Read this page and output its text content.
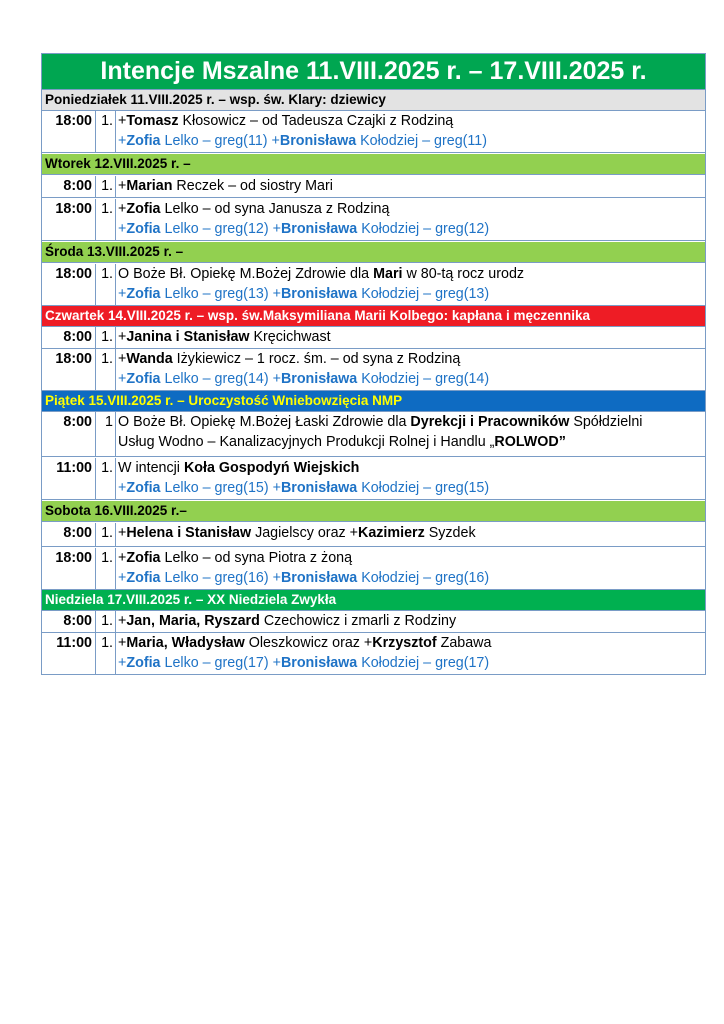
Intencje Mszalne 11.VIII.2025 r. – 17.VIII.2025 r.
Poniedziałek 11.VIII.2025 r. – wsp. św. Klary: dziewicy
18:00 1. +Tomasz Kłosowicz – od Tadeusza Czajki z Rodziną
+Zofia Lelko – greg(11) +Bronisława Kołodziej – greg(11)
Wtorek 12.VIII.2025 r. –
8:00 1. +Marian Reczek – od siostry Mari
18:00 1. +Zofia Lelko – od syna Janusza z Rodziną
+Zofia Lelko – greg(12) +Bronisława Kołodziej – greg(12)
Środa 13.VIII.2025 r. –
18:00 1. O Boże Bł. Opiekę M.Bożej Zdrowie dla Mari w 80-tą rocz urodz
+Zofia Lelko – greg(13) +Bronisława Kołodziej – greg(13)
Czwartek 14.VIII.2025 r. – wsp. św.Maksymiliana Marii Kolbego: kapłana i męczennika
8:00 1. +Janina i Stanisław Kręcichwast
18:00 1. +Wanda Iżykiewicz – 1 rocz. śm. – od syna z Rodziną
+Zofia Lelko – greg(14) +Bronisława Kołodziej – greg(14)
Piątek 15.VIII.2025 r. – Uroczystość Wniebowzięcia NMP
8:00 1 O Boże Bł. Opiekę M.Bożej Łaski Zdrowie dla Dyrekcji i Pracowników Spółdzielni
Usług Wodno – Kanalizacyjnych Produkcji Rolnej i Handlu „ROLWOD”
11:00 1. W intencji Koła Gospodyń Wiejskich
+Zofia Lelko – greg(15) +Bronisława Kołodziej – greg(15)
Sobota 16.VIII.2025 r.–
8:00 1. +Helena i Stanisław Jagielscy oraz +Kazimierz Syzdek
18:00 1. +Zofia Lelko – od syna Piotra z żoną
+Zofia Lelko – greg(16) +Bronisława Kołodziej – greg(16)
Niedziela 17.VIII.2025 r. – XX Niedziela Zwykła
8:00 1. +Jan, Maria, Ryszard Czechowicz i zmarli z Rodziny
11:00 1. +Maria, Władysław Oleszkowicz oraz +Krzysztof Zabawa
+Zofia Lelko – greg(17) +Bronisława Kołodziej – greg(17)
